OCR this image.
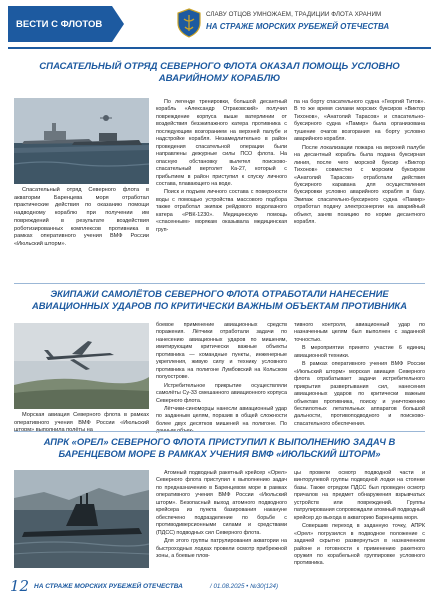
ВЕСТИ С ФЛОТОВ
СЛАВУ ОТЦОВ УМНОЖАЕМ, ТРАДИЦИИ ФЛОТА ХРАНИМ
НА СТРАЖЕ МОРСКИХ РУБЕЖЕЙ ОТЕЧЕСТВА
СПАСАТЕЛЬНЫЙ ОТРЯД СЕВЕРНОГО ФЛОТА ОКАЗАЛ ПОМОЩЬ УСЛОВНО АВАРИЙНОМУ КОРАБЛЮ
Спасательный отряд Северного флота в акватории Баренцева моря отработал практические действия по оказанию помощи надводному кораблю при получении им повреждений в результате воздействия роботизированных комплексов противника в рамках оперативного учения ВМФ России «Июльский шторм».

По легенде тренировки, большой десантный корабль «Александр Отраковский» получил повреждение корпуса выше ватерлинии от воздействия безэкипажного катера противника с последующим возгоранием на верхней палубе и надстройке корабля. Незамедлительно в район проведения спасательной операции были направлены дежурные силы ПСО флота. На опасную обстановку вылетел поисково-спасательный вертолет Ка-27, который с прибытием в район приступил к спуску личного состава, плавающего на воде.

Поиск и подъем личного состава с поверхности воды с помощью устройства массового подбора также отработал экипаж рейдового водолазного катера «РВК-1230». Медицинскую помощь «спасенным» морякам оказывала медицинская груп-

па на борту спасательного судна «Георгий Титов». В то же время силами морских буксиров «Виктор Тихонов», «Анатолий Тарасов» и спасательно-буксирного судна «Памир» была организована тушение очагов возгорания на борту условно аварийного корабля.

После локализации пожара на верхней палубе на десантный корабль была подана буксирная линия, после чего морской буксир «Виктор Тихонов» совместно с морским буксиром «Анатолий Тарасов» отработали действия буксирного каравана для осуществления буксировки условно аварийного корабля в базу. Экипаж спасательно-буксирного судна «Памир» отработал подачу электроэнергии на аварийный объект, заняв позицию по корме десантного корабля.

ЭКИПАЖИ САМОЛЁТОВ СЕВЕРНОГО ФЛОТА ОТРАБОТАЛИ НАНЕСЕНИЕ АВИАЦИОННЫХ УДАРОВ ПО КРИТИЧЕСКИ ВАЖНЫМ ОБЪЕКТАМ ПРОТИВНИКА
Морская авиация Северного флота в рамках оперативного учения ВМФ России «Июльский

боевое применение авиационных средств поражения. Лётчики отработали задачи по нанесению авиационных ударов по мишеням, имитирующим критически важные объекты противника — командные пункты, инженерные укрепления, живую силу и технику условного противника на полигоне Лумбовский на Кольском полуострове.

Истребительное прикрытие осуществляли самолёты Су-33 смешанного авиационного корпуса Северного флота.

Лётчики-синоморцы нанесли авиационный удар по заданным целям, поразив в общей сложности более двух десятков мишеней на полигоне. По

тивного контроля, авиационный удар по назначенным целям был выполнен с заданной точностью.

В мероприятии принято участие 6 единиц авиационной техники.

В рамках оперативного учения ВМФ России «Июльский шторм» морская авиация Северного флота отрабатывает задачи истребительного прикрытия развертывания сил, нанесения авиационных ударов по критически важным объектам противника, поиску и уничтожению беспилотных летательных аппаратов большой дальности, противоподводного и поисково-спасательного обеспечения.

АПРК «ОРЕЛ» СЕВЕРНОГО ФЛОТА ПРИСТУПИЛ К ВЫПОЛНЕНИЮ ЗАДАЧ В БАРЕНЦЕВОМ МОРЕ В РАМКАХ УЧЕНИЯ ВМФ «ИЮЛЬСКИЙ ШТОРМ»

Атомный подводный ракетный крейсер «Орел» Северного флота приступил к выполнению задач по предназначению в Баренцевом море в рамках оперативного учения ВМФ России «Июльский шторм». Безопасный выход атомного подводного крейсера из пункта базирования накануне обеспечено подразделение по борьбе с противодиверсионными силами и средствами (ПДСС) подводных сил Северного флота.

Для этого группы патрулирования акватории на быстроходных лодках провели осмотр прибрежной зоны, а боевые плов-

цы провели осмотр подводной части и винторулевой группы подводной лодки на стоянке базы. Также отрядом ПДСС был проведен осмотр причалов на предмет обнаружения взрывчатых устройств или повреждений. Группы патрулирования сопровождали атомный подводный крейсер до выхода в акваторию Баренцева моря.

Совершив переход в заданную точку, АПРК «Орел» погрузился в подводное положение с задачей скрытно развернуться в назначенном районе и готовности к применению ракетного оружия по корабельной группировке условного противника.

12 НА СТРАЖЕ МОРСКИХ РУБЕЖЕЙ ОТЕЧЕСТВА	/ 01.08.2025 • №30(124)
